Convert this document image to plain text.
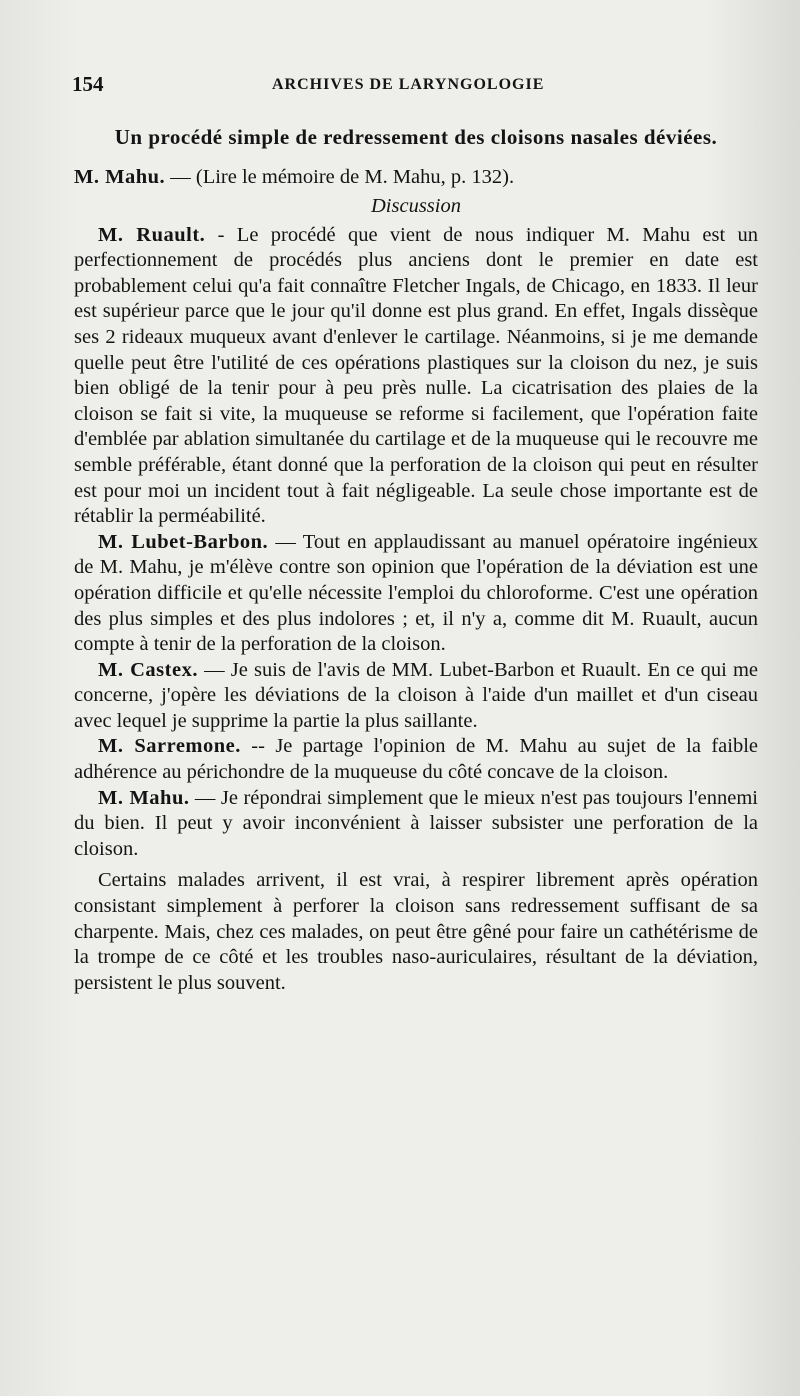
154	ARCHIVES DE LARYNGOLOGIE
Un procédé simple de redressement des cloisons nasales déviées.

M. Mahu. — (Lire le mémoire de M. Mahu, p. 132).

Discussion

M. Ruault. - Le procédé que vient de nous indiquer M. Mahu est un perfectionnement de procédés plus anciens dont le premier en date est probablement celui qu'a fait connaître Fletcher Ingals, de Chicago, en 1833. Il leur est supérieur parce que le jour qu'il donne est plus grand. En effet, Ingals dissèque ses 2 rideaux muqueux avant d'enlever le cartilage. Néanmoins, si je me demande quelle peut être l'utilité de ces opérations plastiques sur la cloison du nez, je suis bien obligé de la tenir pour à peu près nulle. La cicatrisation des plaies de la cloison se fait si vite, la muqueuse se reforme si facilement, que l'opération faite d'emblée par ablation simultanée du cartilage et de la muqueuse qui le recouvre me semble préférable, étant donné que la perforation de la cloison qui peut en résulter est pour moi un incident tout à fait négligeable. La seule chose importante est de rétablir la perméabilité.

M. Lubet-Barbon. — Tout en applaudissant au manuel opératoire ingénieux de M. Mahu, je m'élève contre son opinion que l'opération de la déviation est une opération difficile et qu'elle nécessite l'emploi du chloroforme. C'est une opération des plus simples et des plus indolores ; et, il n'y a, comme dit M. Ruault, aucun compte à tenir de la perforation de la cloison.

M. Castex. — Je suis de l'avis de MM. Lubet-Barbon et Ruault. En ce qui me concerne, j'opère les déviations de la cloison à l'aide d'un maillet et d'un ciseau avec lequel je supprime la partie la plus saillante.

M. Sarremone. -- Je partage l'opinion de M. Mahu au sujet de la faible adhérence au périchondre de la muqueuse du côté concave de la cloison.

M. Mahu. — Je répondrai simplement que le mieux n'est pas toujours l'ennemi du bien. Il peut y avoir inconvénient à laisser subsister une perforation de la cloison.

Certains malades arrivent, il est vrai, à respirer librement après opération consistant simplement à perforer la cloison sans redressement suffisant de sa charpente. Mais, chez ces malades, on peut être gêné pour faire un cathétérisme de la trompe de ce côté et les troubles naso-auriculaires, résultant de la déviation, persistent le plus souvent.
